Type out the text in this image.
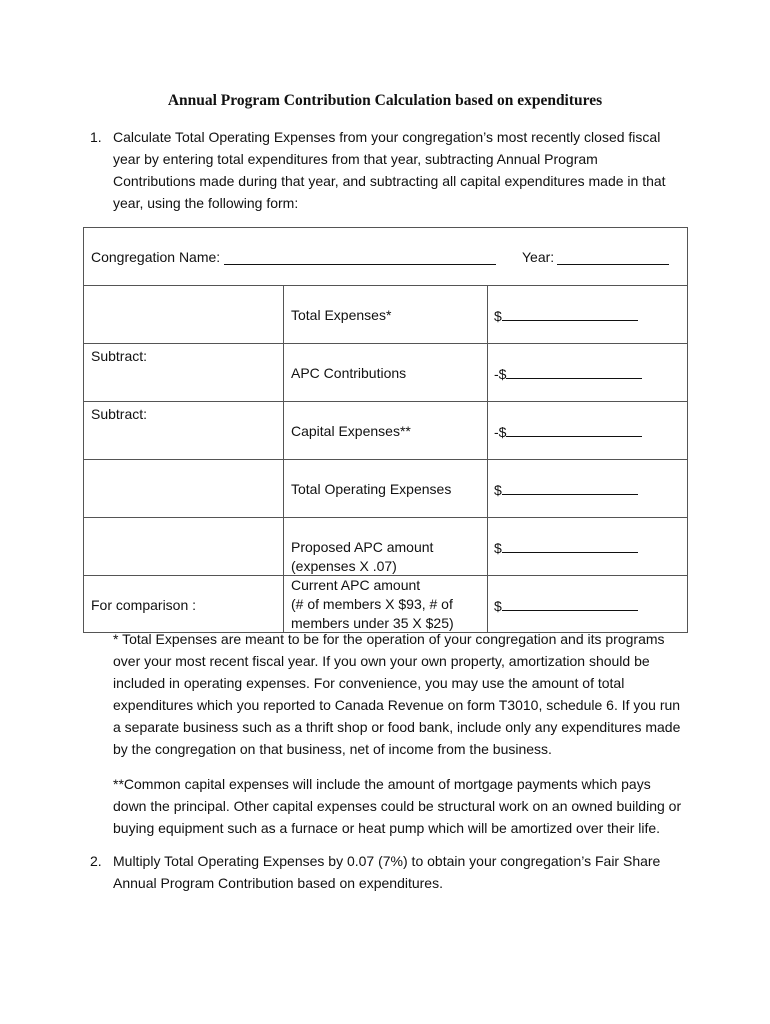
Annual Program Contribution Calculation based on expenditures
1. Calculate Total Operating Expenses from your congregation’s most recently closed fiscal year by entering total expenditures from that year, subtracting Annual Program Contributions made during that year, and subtracting all capital expenditures made in that year, using the following form:
Congregation Name: Year:		

	Total Expenses*	$

Subtract:	APC Contributions	-$

Subtract:	Capital Expenses**	-$

	Total Operating Expenses	$

	Proposed APC amount
(expenses X .07)	$

For comparison :	Current APC amount
(# of members X $93, # of
members under 35 X $25)	$
* Total Expenses are meant to be for the operation of your congregation and its programs over your most recent fiscal year. If you own your own property, amortization should be included in operating expenses. For convenience, you may use the amount of total expenditures which you reported to Canada Revenue on form T3010, schedule 6. If you run a separate business such as a thrift shop or food bank, include only any expenditures made by the congregation on that business, net of income from the business.
**Common capital expenses will include the amount of mortgage payments which pays down the principal. Other capital expenses could be structural work on an owned building or buying equipment such as a furnace or heat pump which will be amortized over their life.
2. Multiply Total Operating Expenses by 0.07 (7%) to obtain your congregation’s Fair Share Annual Program Contribution based on expenditures.
